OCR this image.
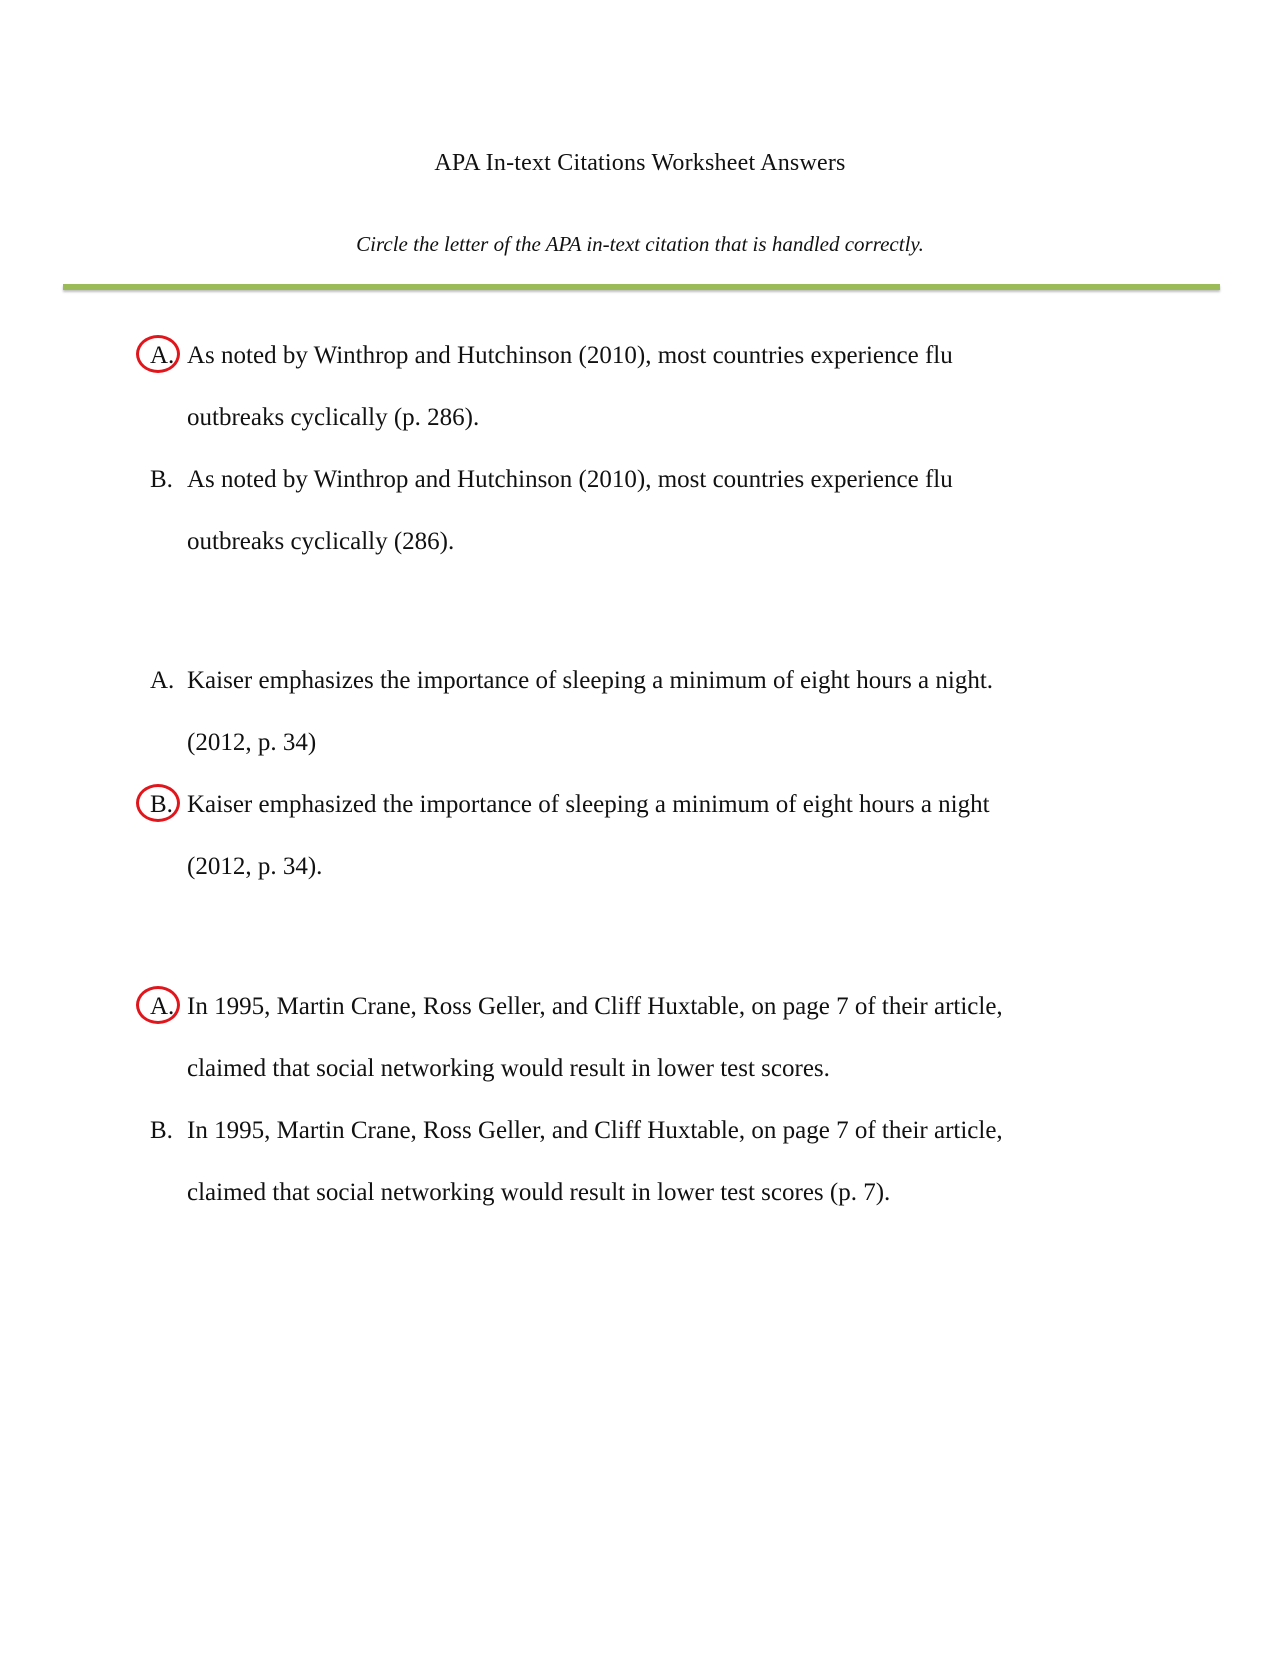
APA In-text Citations Worksheet Answers
Circle the letter of the APA in-text citation that is handled correctly.
A. As noted by Winthrop and Hutchinson (2010), most countries experience flu
outbreaks cyclically (p. 286).
B. As noted by Winthrop and Hutchinson (2010), most countries experience flu
outbreaks cyclically (286).
A. Kaiser emphasizes the importance of sleeping a minimum of eight hours a night.
(2012, p. 34)
B. Kaiser emphasized the importance of sleeping a minimum of eight hours a night
(2012, p. 34).
A. In 1995, Martin Crane, Ross Geller, and Cliff Huxtable, on page 7 of their article,
claimed that social networking would result in lower test scores.
B. In 1995, Martin Crane, Ross Geller, and Cliff Huxtable, on page 7 of their article,
claimed that social networking would result in lower test scores (p. 7).
